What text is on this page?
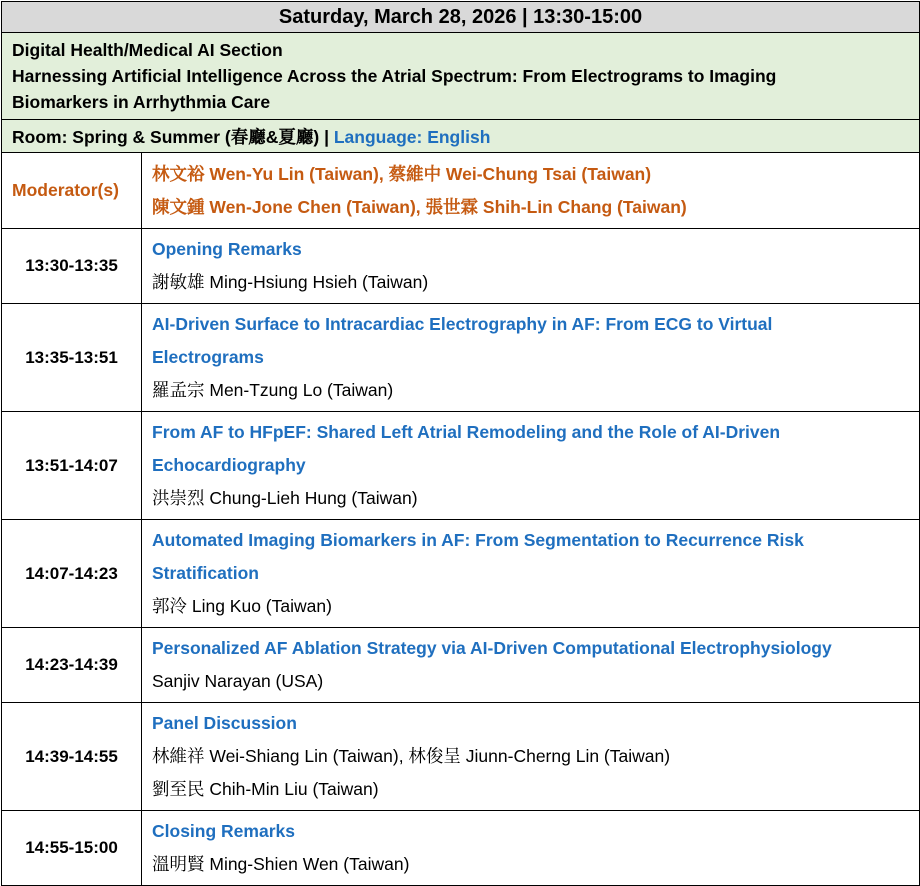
Saturday, March 28, 2026 | 13:30-15:00	

Digital Health/Medical AI Section
Harnessing Artificial Intelligence Across the Atrial Spectrum: From Electrograms to Imaging
Biomarkers in Arrhythmia Care	

Room: Spring & Summer (春廳&夏廳) | Language: English	
Moderator(s)	林文裕 Wen-Yu Lin (Taiwan), 蔡維中 Wei-Chung Tsai (Taiwan)
陳文鍾 Wen-Jone Chen (Taiwan), 張世霖 Shih-Lin Chang (Taiwan)

13:30-13:35	Opening Remarks
謝敏雄 Ming-Hsiung Hsieh (Taiwan)

13:35-13:51	AI-Driven Surface to Intracardiac Electrography in AF: From ECG to Virtual
Electrograms
羅孟宗 Men-Tzung Lo (Taiwan)

13:51-14:07	From AF to HFpEF: Shared Left Atrial Remodeling and the Role of AI-Driven
Echocardiography
洪崇烈 Chung-Lieh Hung (Taiwan)

14:07-14:23	Automated Imaging Biomarkers in AF: From Segmentation to Recurrence Risk
Stratification
郭泠 Ling Kuo (Taiwan)

14:23-14:39	Personalized AF Ablation Strategy via AI-Driven Computational Electrophysiology
Sanjiv Narayan (USA)

14:39-14:55	Panel Discussion
林維祥 Wei-Shiang Lin (Taiwan), 林俊呈 Jiunn-Cherng Lin (Taiwan)
劉至民 Chih-Min Liu (Taiwan)

14:55-15:00	Closing Remarks
溫明賢 Ming-Shien Wen (Taiwan)
